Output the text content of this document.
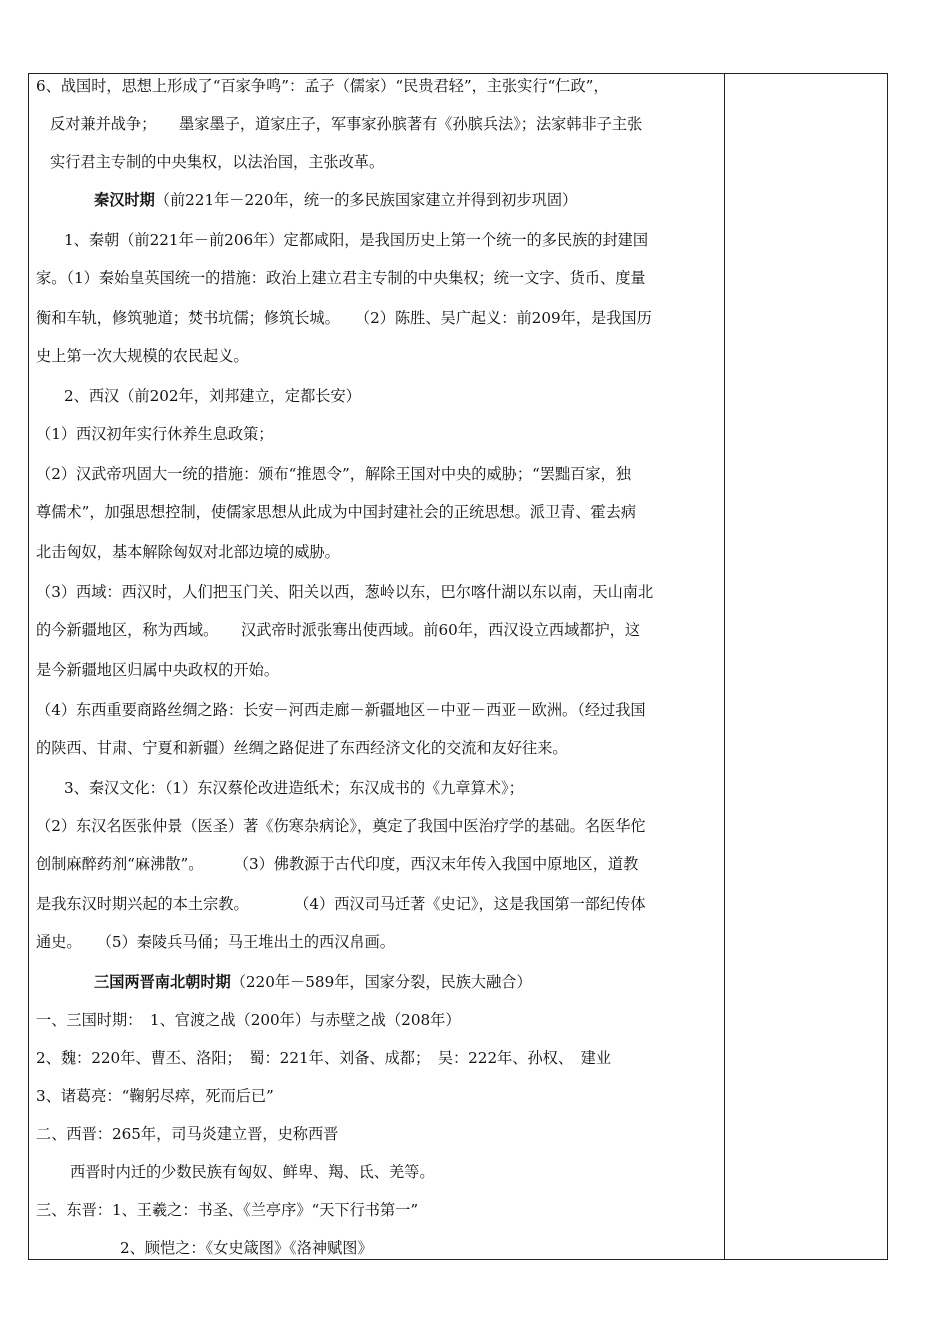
6、战国时，思想上形成了“百家争鸣”：孟子（儒家）“民贵君轻”，主张实行“仁政”，
反对兼并战争；　　墨家墨子，道家庄子，军事家孙膑著有《孙膑兵法》；法家韩非子主张
实行君主专制的中央集权，以法治国，主张改革。
秦汉时期（前221年－220年，统一的多民族国家建立并得到初步巩固）
1、秦朝（前221年－前206年）定都咸阳，是我国历史上第一个统一的多民族的封建国
家。（1）秦始皇英国统一的措施：政治上建立君主专制的中央集权；统一文字、货币、度量
衡和车轨，修筑驰道；焚书坑儒；修筑长城。　　（2）陈胜、吴广起义：前209年，是我国历
史上第一次大规模的农民起义。
2、西汉（前202年，刘邦建立，定都长安）
（1）西汉初年实行休养生息政策；
（2）汉武帝巩固大一统的措施：颁布“推恩令”，解除王国对中央的威胁；“罢黜百家，独
尊儒术”，加强思想控制，使儒家思想从此成为中国封建社会的正统思想。派卫青、霍去病
北击匈奴，基本解除匈奴对北部边境的威胁。
（3）西域：西汉时，人们把玉门关、阳关以西，葱岭以东，巴尔喀什湖以东以南，天山南北
的今新疆地区，称为西域。　　汉武帝时派张骞出使西域。前60年，西汉设立西域都护，这
是今新疆地区归属中央政权的开始。
（4）东西重要商路丝绸之路：长安－河西走廊－新疆地区－中亚－西亚－欧洲。（经过我国
的陕西、甘肃、宁夏和新疆）丝绸之路促进了东西经济文化的交流和友好往来。
3、秦汉文化：（1）东汉蔡伦改进造纸术；东汉成书的《九章算术》；
（2）东汉名医张仲景（医圣）著《伤寒杂病论》，奠定了我国中医治疗学的基础。名医华佗
创制麻醉药剂“麻沸散”。　　　（3）佛教源于古代印度，西汉末年传入我国中原地区，道教
是我东汉时期兴起的本土宗教。　　　　（4）西汉司马迁著《史记》，这是我国第一部纪传体
通史。　　（5）秦陵兵马俑；马王堆出土的西汉帛画。
三国两晋南北朝时期（220年－589年，国家分裂，民族大融合）
一、三国时期：　1、官渡之战（200年）与赤壁之战（208年）
2、魏：220年、曹丕、洛阳；　蜀：221年、刘备、成都；　吴：222年、孙权、　建业
3、诸葛亮：“鞠躬尽瘁，死而后已”
二、西晋：265年，司马炎建立晋，史称西晋
西晋时内迁的少数民族有匈奴、鲜卑、羯、氐、羌等。
三、东晋：1、王羲之：书圣、《兰亭序》“天下行书第一”
2、顾恺之：《女史箴图》《洛神赋图》
